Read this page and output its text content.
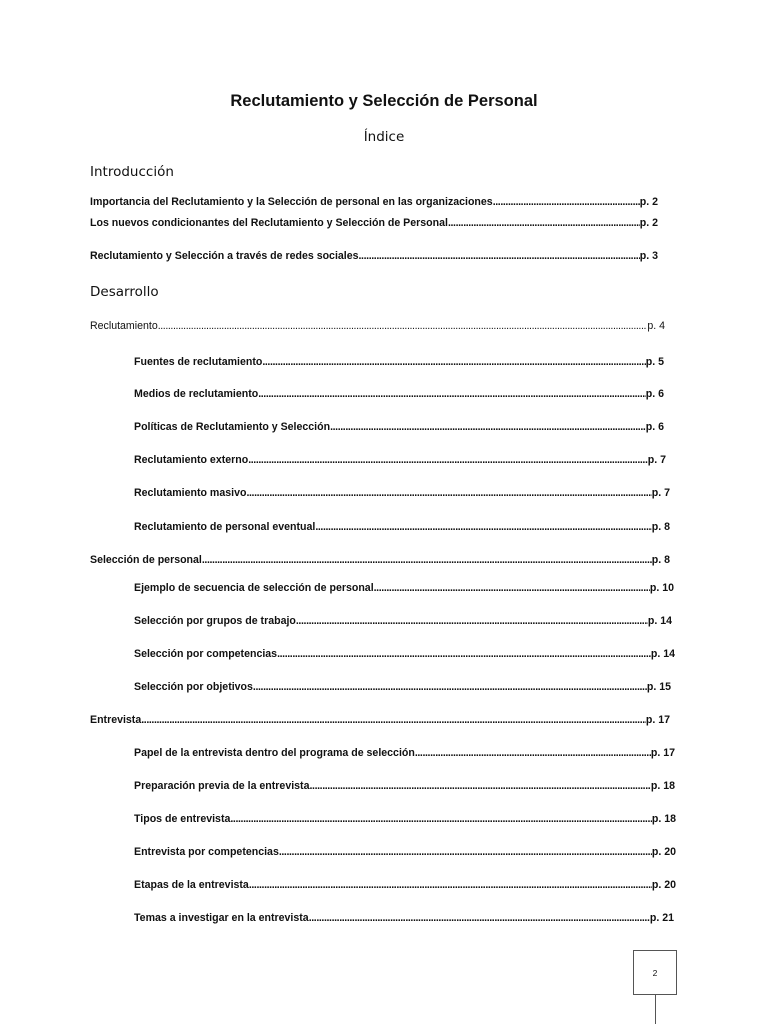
Reclutamiento y Selección de Personal
Índice
Introducción
Desarrollo
Importancia del Reclutamiento y la Selección de personal en las organizaciones .....	p. 2
Los nuevos condicionantes del Reclutamiento y Selección de Personal .....	p. 2
Reclutamiento y Selección a través de redes sociales .....	p. 3
Reclutamiento .....	p. 4
Fuentes de reclutamiento .....	p. 5
Medios de reclutamiento .....	p. 6
Políticas de Reclutamiento y Selección .....	p. 6
Reclutamiento externo .....	p. 7
Reclutamiento masivo .....	p. 7
Reclutamiento de personal eventual .....	p. 8
Selección de personal .....	p. 8
Ejemplo de secuencia de selección de personal .....	p. 10
Selección por grupos de trabajo .....	p. 14
Selección por competencias .....	p. 14
Selección por objetivos .....	p. 15
Entrevista .....	p. 17
Papel de la entrevista dentro del programa de selección .....	p. 17
Preparación previa de la entrevista .....	p. 18
Tipos de entrevista .....	p. 18
Entrevista por competencias .....	p. 20
Etapas de la entrevista .....	p. 20
Temas a investigar en la entrevista .....	p. 21
2
